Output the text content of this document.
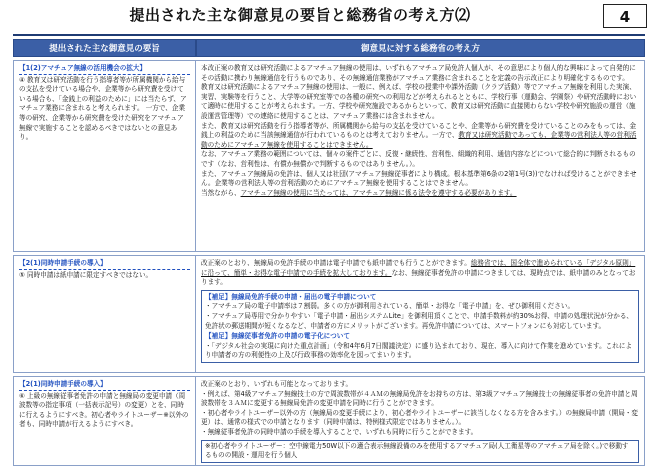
提出された主な御意見の要旨と総務省の考え方⑵	4
提出された主な御意見の要旨	御意見に対する総務省の考え方
【1(2)アマチュア無線の活用機会の拡大】
④ 教育又は研究活動を行う指導者等が所属機関から給与の支払を受けている場合や、企業等から研究費を受けている場合も、「金銭上の利益のために」には当たらず、アマチュア業務に含まれると考えられます。 一方で、企業等の研究、企業等から研究費を受けた研究をアマチュア無線で実施することを認めるべきではないとの意見あり。

本改正案の教育又は研究活動によるアマチュア無線の使用は、いずれもアマチュア局免許人個人が、その意思により個人的な興味によって自発的にその活動に携わり無線通信を行うものであり、その無線通信業務がアマチュア業務に含まれることを定義の告示改正により明確化するものです。

教育又は研究活動によるアマチュア無線の使用は、一般に、例えば、学校の授業中や課外活動（クラブ活動）等でアマチュア無線を利用した実演、実習、実験等を行うこと、大学等の研究室等での各種の研究への利用などが考えられるとともに、学校行事（運動会、学園祭）や研究活動時において適時に使用することが考えられます。一方、学校や研究施設であるからといって、教育又は研究活動に直接関わらない学校や研究施設の運営（施設運営管理等）での連絡に使用することは、アマチュア業務には含まれません。

また、教育又は研究活動を行う指導者等が、所属機関から給与の支払を受けていることや、企業等から研究費を受けていることのみをもっては、金銭上の利益のために当該無線通信が行われているものとは考えておりません。一方で、教育又は研究活動であっても、企業等の営利法人等の営利活動のためにアマチュア無線を使用することはできません。

なお、アマチュア業務の範囲については、個々の案件ごとに、反復・継続性、営利性、組織的利用、通信内容などについて総合的に判断されるものです（なお、営利性は、有償か無償かで判断するものではありません。）。

また、アマチュア無線局の免許は、個人又は社団(アマチュア無線従事者により構成。根本基準第6条の2第1号(3))でなければ受けることができません。企業等の営利法人等の営利活動のためにアマチュア無線を使用することはできません。

当然ながら、アマチュア無線の使用に当たっては、アマチュア無線に係る法令を遵守する必要があります。

【2(1)同時申請手続の導入】
⑤ 同時申請は紙申請に限定すべきではない。

改正案のとおり、無線局の免許手続の申請は電子申請でも紙申請でも行うことができます。総務省では、国全体で進められている「デジタル原則」に沿って、簡単・お得な電子申請での手続を拡大しております。なお、無線従事者免許の申請につきましては、現時点では、紙申請のみとなっております。

【補足】無線局免許手続の申請・届出の電子申請について
・アマチュア局の電子申請率は７割弱。多くの方が御利用されている、簡単・お得な「電子申請」を、ぜひ御利用ください。
・アマチュア局専用で分かりやすい「電子申請・届出システムLite」を御利用頂くことで、申請手数料が約30%お得、申請の処理状況が分かる、免許状の郵送期間が短くなるなど、申請者の方にメリットがございます。再免許申請については、スマートフォンにも対応しています。
【補足】無線従事者免許の申請の電子化について
・「デジタル社会の実現に向けた重点計画」（令和4年6月7日閣議決定）に盛り込まれており、現在、導入に向けて作業を進めています。これにより申請者の方の利便性の上及び行政事務の効率化を図ってまいります。
【2(1)同時申請手続の導入】
⑥ 上級の無線従事者免許の申請と無線局の変更申請（周波数等の指定事項（一括表示記号）の変更）とを、同時に行えるようにすべき。初心者やライトユーザー※以外の者も、同時申請が行えるようにすべき。

改正案のとおり、いずれも可能となっております。

・例えば、第4級アマチュア無線技士の方で周波数帯が４ＡＭの無線局免許をお持ちの方は、第3級アマチュア無線技士の無線従事者の免許申請と周波数帯を３ＡＭに変更する無線局免許の変更申請を同時に行うことができます。
・初心者やライトユーザー以外の方（無線局の変更手続により、初心者やライトユーザーに該当しなくなる方を含みます。）の無線局申請（開局・変更）は、通常の様式での申請となります（同時申請は、特例様式限定ではありません。）。
・無線従事者免許の同時申請の手続を導入することで、いずれも同時に行うことができます。
※初心者やライトユーザー：空中線電力50W以下の適合表示無線設備のみを使用するアマチュア局(人工衛星等のアマチュア局を除く。)で移動するものの開設・運用を行う個人
